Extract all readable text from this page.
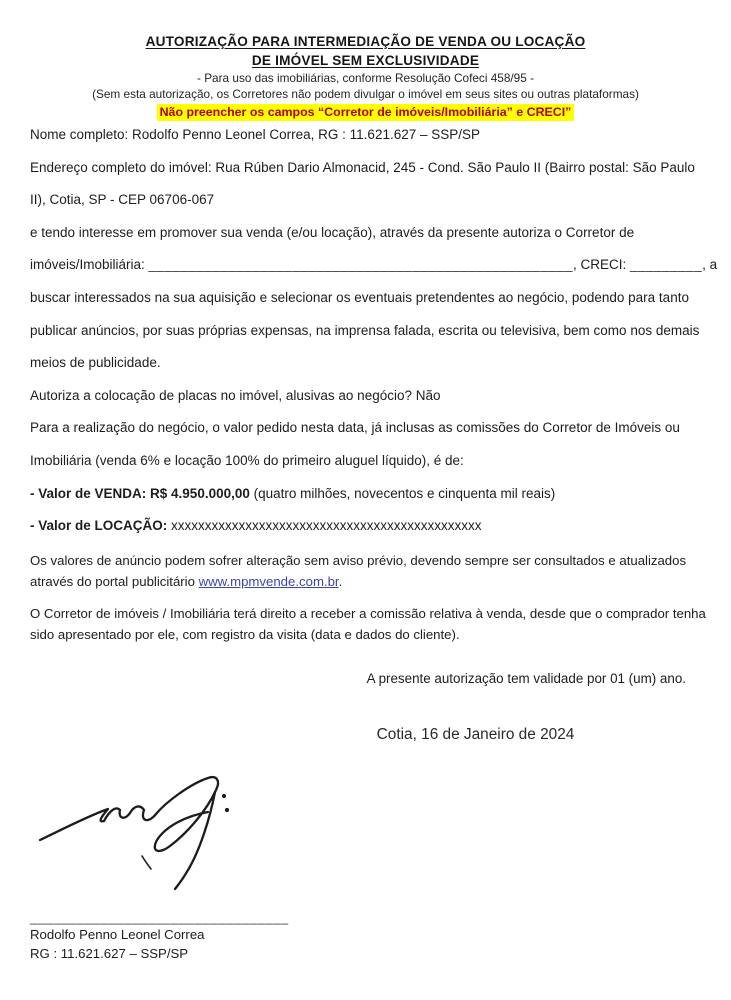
AUTORIZAÇÃO PARA INTERMEDIAÇÃO DE VENDA OU LOCAÇÃO
DE IMÓVEL SEM EXCLUSIVIDADE
- Para uso das imobiliárias, conforme Resolução Cofeci 458/95 -
(Sem esta autorização, os Corretores não podem divulgar o imóvel em seus sites ou outras plataformas)
Não preencher os campos “Corretor de imóveis/Imobiliária” e CRECI”
Nome completo: Rodolfo Penno Leonel Correa, RG : 11.621.627 – SSP/SP
Endereço completo do imóvel: Rua Rúben Dario Almonacid, 245 - Cond. São Paulo II (Bairro postal: São Paulo
II), Cotia, SP - CEP 06706-067
e tendo interesse em promover sua venda (e/ou locação), através da presente autoriza o Corretor de
imóveis/Imobiliária: _____________________________________________________, CRECI: _________, a
buscar interessados na sua aquisição e selecionar os eventuais pretendentes ao negócio, podendo para tanto
publicar anúncios, por suas próprias expensas, na imprensa falada, escrita ou televisiva, bem como nos demais
meios de publicidade.
Autoriza a colocação de placas no imóvel, alusivas ao negócio? Não
Para a realização do negócio, o valor pedido nesta data, já inclusas as comissões do Corretor de Imóveis ou
Imobiliária (venda 6% e locação 100% do primeiro aluguel líquido), é de:
- Valor de VENDA: R$ 4.950.000,00 (quatro milhões, novecentos e cinquenta mil reais)
- Valor de LOCAÇÃO: xxxxxxxxxxxxxxxxxxxxxxxxxxxxxxxxxxxxxxxxxxxxxx
Os valores de anúncio podem sofrer alteração sem aviso prévio, devendo sempre ser consultados e atualizados
através do portal publicitário www.mpmvende.com.br.
O Corretor de imóveis / Imobiliária terá direito a receber a comissão relativa à venda, desde que o comprador tenha
sido apresentado por ele, com registro da visita (data e dados do cliente).
A presente autorização tem validade por 01 (um) ano.
Cotia, 16 de Janeiro de 2024
_________________________________
Rodolfo Penno Leonel Correa
RG : 11.621.627 – SSP/SP
